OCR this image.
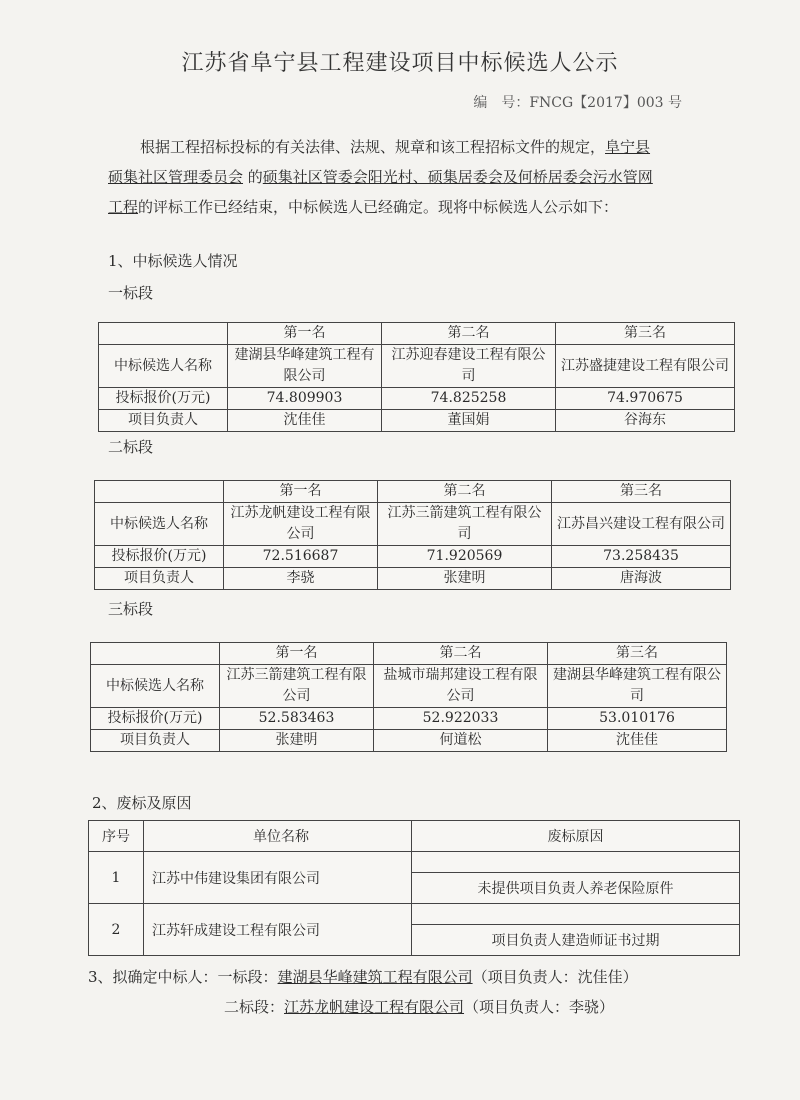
江苏省阜宁县工程建设项目中标候选人公示
编　号：FNCG【2017】003 号

根据工程招标投标的有关法律、法规、规章和该工程招标文件的规定，阜宁县

硕集社区管理委员会 的硕集社区管委会阳光村、硕集居委会及何桥居委会污水管网

工程的评标工作已经结束，中标候选人已经确定。现将中标候选人公示如下：

1、中标候选人情况
一标段
	第一名	第二名	第三名
中标候选人名称	建湖县华峰建筑工程有限公司	江苏迎春建设工程有限公司	江苏盛捷建设工程有限公司
投标报价(万元)	74.809903	74.825258	74.970675
项目负责人	沈佳佳	董国娟	谷海东
二标段
	第一名	第二名	第三名
中标候选人名称	江苏龙帆建设工程有限公司	江苏三箭建筑工程有限公司	江苏昌兴建设工程有限公司
投标报价(万元)	72.516687	71.920569	73.258435
项目负责人	李骁	张建明	唐海波
三标段
	第一名	第二名	第三名
中标候选人名称	江苏三箭建筑工程有限公司	盐城市瑞邦建设工程有限公司	建湖县华峰建筑工程有限公司
投标报价(万元)	52.583463	52.922033	53.010176
项目负责人	张建明	何道松	沈佳佳
2、废标及原因
序号	单位名称	废标原因
1	江苏中伟建设集团有限公司	
		未提供项目负责人养老保险原件
2	江苏轩成建设工程有限公司	
		项目负责人建造师证书过期
3、拟确定中标人：一标段：建湖县华峰建筑工程有限公司（项目负责人：沈佳佳）
二标段：江苏龙帆建设工程有限公司（项目负责人：李骁）
